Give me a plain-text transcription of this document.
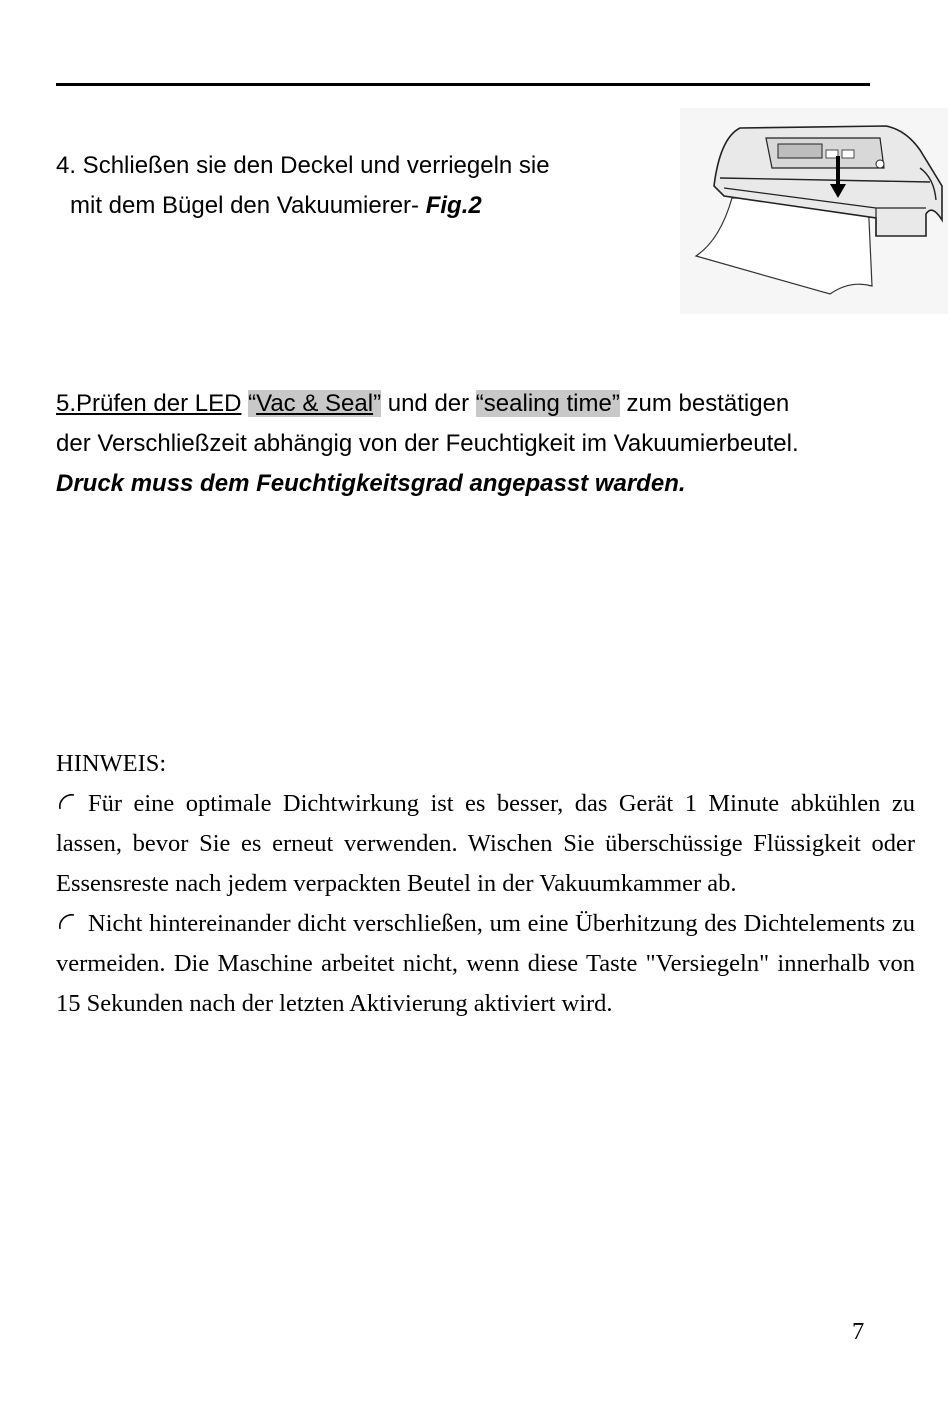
4. Schließen sie den Deckel und verriegeln sie
mit dem Bügel den Vakuumierer- Fig.2
5.Prüfen der LED “Vac & Seal” und der “sealing time” zum bestätigen
der Verschließzeit abhängig von der Feuchtigkeit im Vakuumierbeutel.
Druck muss dem Feuchtigkeitsgrad angepasst warden.
HINWEIS:

Für eine optimale Dichtwirkung ist es besser, das Gerät 1 Minute abkühlen zu lassen, bevor Sie es erneut verwenden. Wischen Sie überschüssige Flüssigkeit oder Essensreste nach jedem verpackten Beutel in der Vakuumkammer ab.

Nicht hintereinander dicht verschließen, um eine Überhitzung des Dichtelements zu vermeiden. Die Maschine arbeitet nicht, wenn diese Taste "Versiegeln" innerhalb von 15 Sekunden nach der letzten Aktivierung aktiviert wird.

7
